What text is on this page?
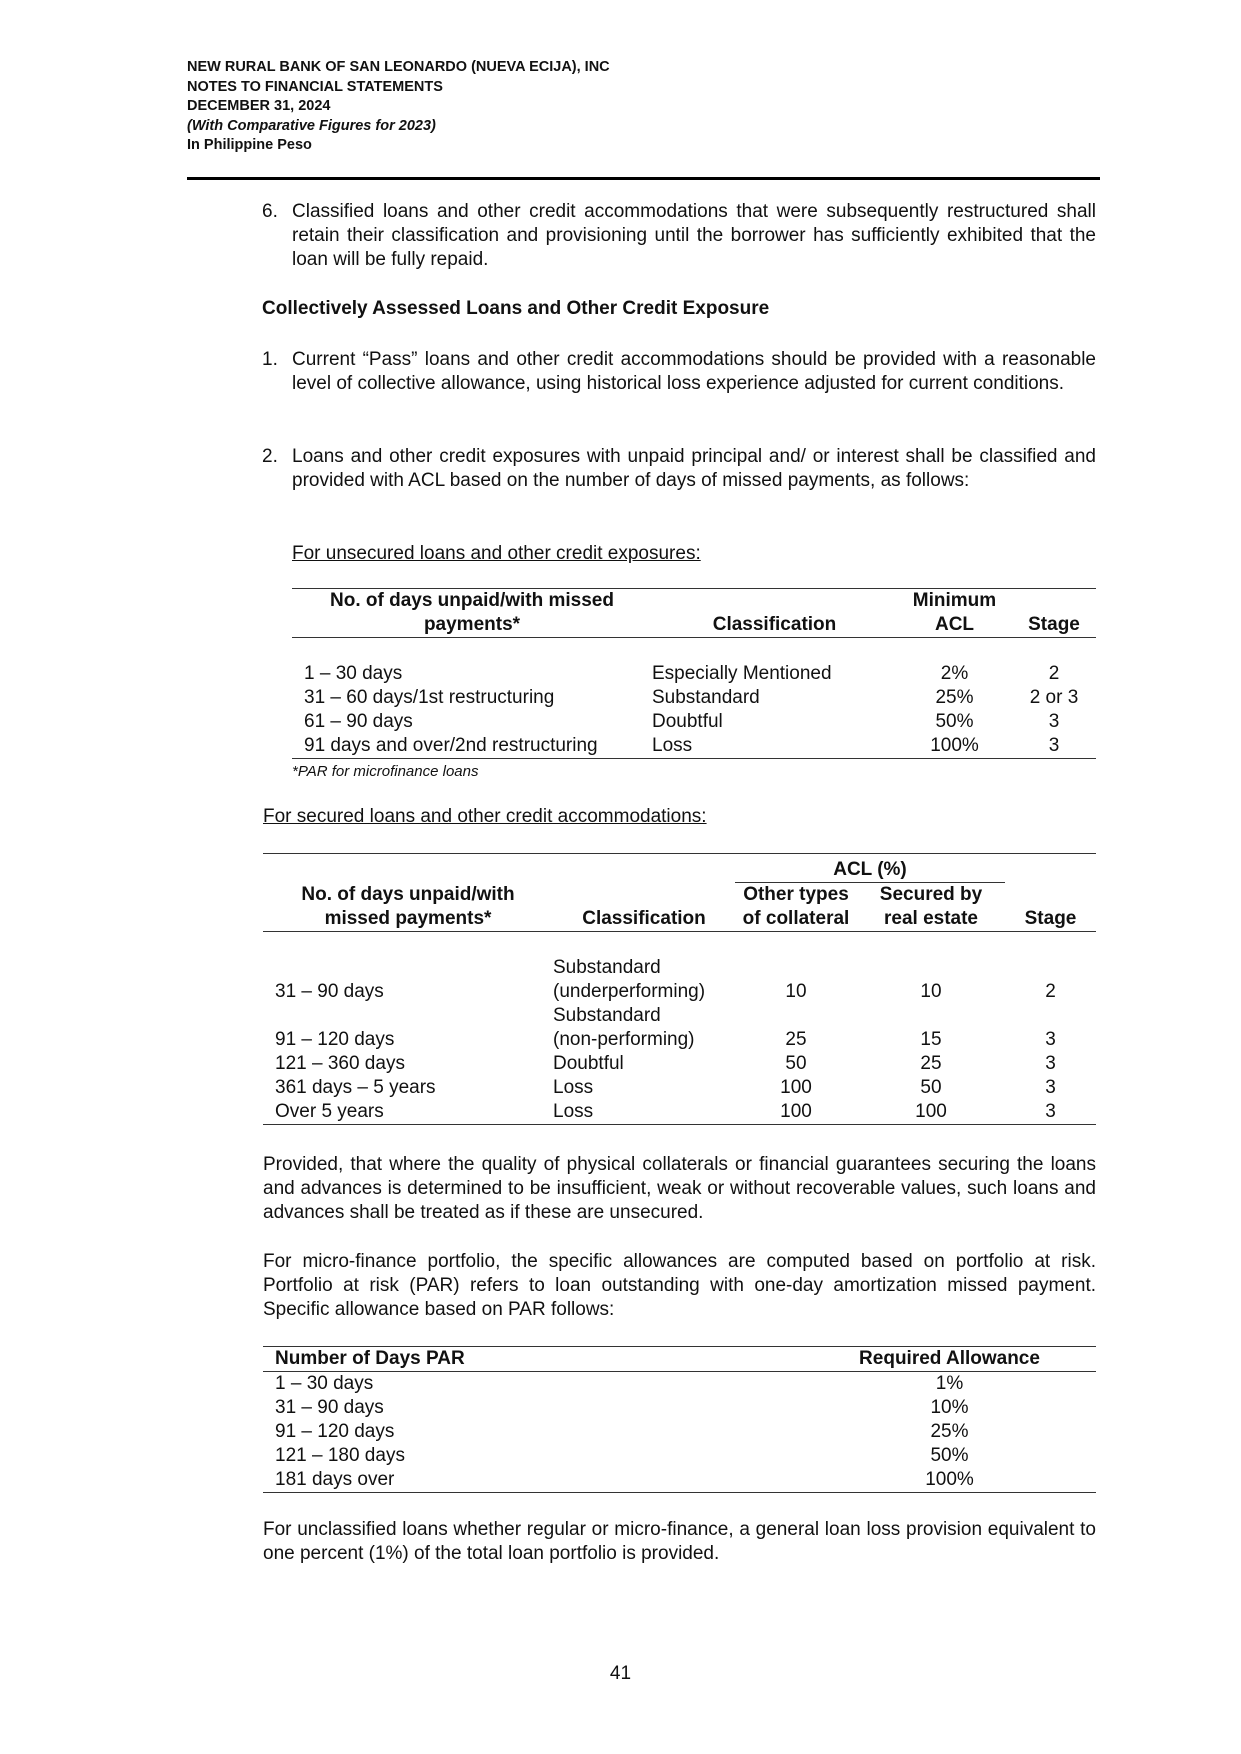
NEW RURAL BANK OF SAN LEONARDO (NUEVA ECIJA), INC
NOTES TO FINANCIAL STATEMENTS
DECEMBER 31, 2024
(With Comparative Figures for 2023)
In Philippine Peso
6. Classified loans and other credit accommodations that were subsequently restructured shall retain their classification and provisioning until the borrower has sufficiently exhibited that the loan will be fully repaid.
Collectively Assessed Loans and Other Credit Exposure
1. Current “Pass” loans and other credit accommodations should be provided with a reasonable level of collective allowance, using historical loss experience adjusted for current conditions.
2. Loans and other credit exposures with unpaid principal and/ or interest shall be classified and provided with ACL based on the number of days of missed payments, as follows:
For unsecured loans and other credit exposures:
No. of days unpaid/with missed		Minimum	
payments*	Classification	ACL	Stage

1 – 30 days	Especially Mentioned	2%	2
31 – 60 days/1st restructuring	Substandard	25%	2 or 3
61 – 90 days	Doubtful	50%	3
91 days and over/2nd restructuring	Loss	100%	3
*PAR for microfinance loans
For secured loans and other credit accommodations:
		ACL (%)		
No. of days unpaid/with		Other types	Secured by	
missed payments*	Classification	of collateral	real estate	Stage

	Substandard			
31 – 90 days	(underperforming)	10	10	2
	Substandard			
91 – 120 days	(non-performing)	25	15	3
121 – 360 days	Doubtful	50	25	3
361 days – 5 years	Loss	100	50	3
Over 5 years	Loss	100	100	3
Provided, that where the quality of physical collaterals or financial guarantees securing the loans and advances is determined to be insufficient, weak or without recoverable values, such loans and advances shall be treated as if these are unsecured.
For micro-finance portfolio, the specific allowances are computed based on portfolio at risk. Portfolio at risk (PAR) refers to loan outstanding with one-day amortization missed payment. Specific allowance based on PAR follows:
Number of Days PAR	Required Allowance
1 – 30 days	1%
31 – 90 days	10%
91 – 120 days	25%
121 – 180 days	50%
181 days over	100%
For unclassified loans whether regular or micro-finance, a general loan loss provision equivalent to one percent (1%) of the total loan portfolio is provided.
41
